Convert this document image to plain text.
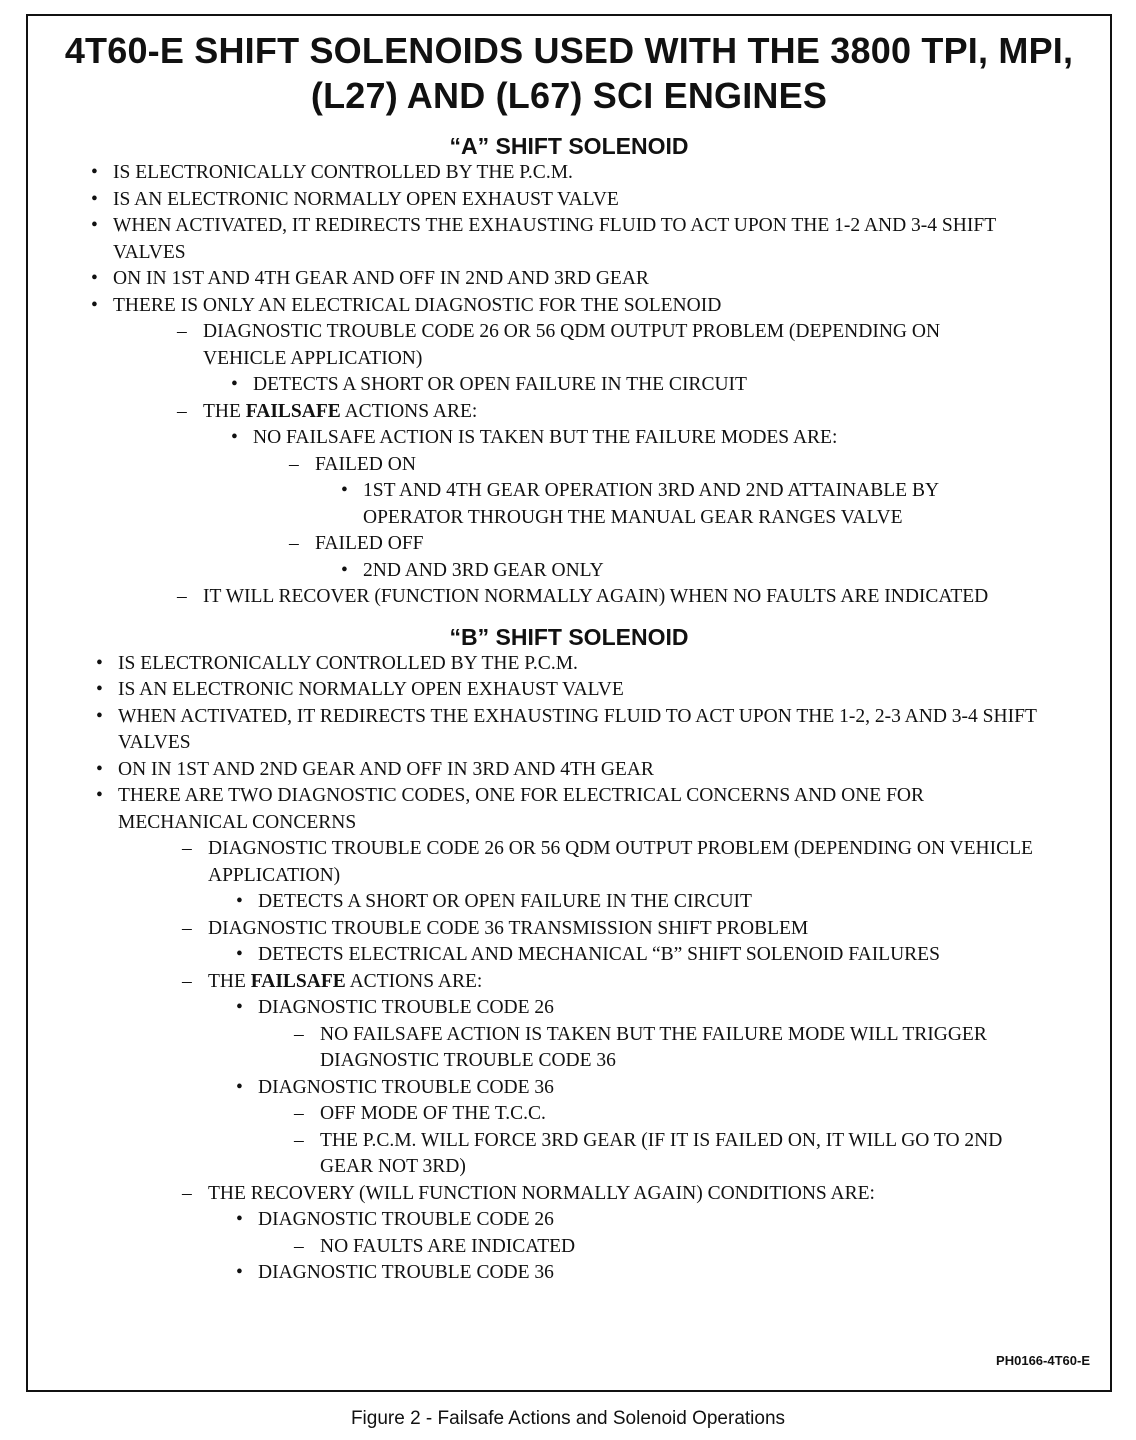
4T60-E SHIFT SOLENOIDS USED WITH THE 3800 TPI, MPI,
(L27) AND (L67) SCI ENGINES
“A” SHIFT SOLENOID
• IS ELECTRONICALLY CONTROLLED BY THE P.C.M.
• IS AN ELECTRONIC NORMALLY OPEN EXHAUST VALVE
• WHEN ACTIVATED, IT REDIRECTS THE EXHAUSTING FLUID TO ACT UPON THE 1-2 AND 3-4 SHIFT VALVES
• ON IN 1ST AND 4TH GEAR AND OFF IN 2ND AND 3RD GEAR
• THERE IS ONLY AN ELECTRICAL DIAGNOSTIC FOR THE SOLENOID
– DIAGNOSTIC TROUBLE CODE 26 OR 56 QDM OUTPUT PROBLEM (DEPENDING ON VEHICLE APPLICATION)
• DETECTS A SHORT OR OPEN FAILURE IN THE CIRCUIT
– THE FAILSAFE ACTIONS ARE:
• NO FAILSAFE ACTION IS TAKEN BUT THE FAILURE MODES ARE:
– FAILED ON
• 1ST AND 4TH GEAR OPERATION 3RD AND 2ND ATTAINABLE BY OPERATOR THROUGH THE MANUAL GEAR RANGES VALVE
– FAILED OFF
• 2ND AND 3RD GEAR ONLY
– IT WILL RECOVER (FUNCTION NORMALLY AGAIN) WHEN NO FAULTS ARE INDICATED
“B” SHIFT SOLENOID
• IS ELECTRONICALLY CONTROLLED BY THE P.C.M.
• IS AN ELECTRONIC NORMALLY OPEN EXHAUST VALVE
• WHEN ACTIVATED, IT REDIRECTS THE EXHAUSTING FLUID TO ACT UPON THE 1-2, 2-3 AND 3-4 SHIFT VALVES
• ON IN 1ST AND 2ND GEAR AND OFF IN 3RD AND 4TH GEAR
• THERE ARE TWO DIAGNOSTIC CODES, ONE FOR ELECTRICAL CONCERNS AND ONE FOR MECHANICAL CONCERNS
– DIAGNOSTIC TROUBLE CODE 26 OR 56 QDM OUTPUT PROBLEM (DEPENDING ON VEHICLE APPLICATION)
• DETECTS A SHORT OR OPEN FAILURE IN THE CIRCUIT
– DIAGNOSTIC TROUBLE CODE 36 TRANSMISSION SHIFT PROBLEM
• DETECTS ELECTRICAL AND MECHANICAL “B” SHIFT SOLENOID FAILURES
– THE FAILSAFE ACTIONS ARE:
• DIAGNOSTIC TROUBLE CODE 26
– NO FAILSAFE ACTION IS TAKEN BUT THE FAILURE MODE WILL TRIGGER DIAGNOSTIC TROUBLE CODE 36
• DIAGNOSTIC TROUBLE CODE 36
– OFF MODE OF THE T.C.C.
– THE P.C.M. WILL FORCE 3RD GEAR (IF IT IS FAILED ON, IT WILL GO TO 2ND GEAR NOT 3RD)
– THE RECOVERY (WILL FUNCTION NORMALLY AGAIN) CONDITIONS ARE:
• DIAGNOSTIC TROUBLE CODE 26
– NO FAULTS ARE INDICATED
• DIAGNOSTIC TROUBLE CODE 36
PH0166-4T60-E
Figure 2 - Failsafe Actions and Solenoid Operations
